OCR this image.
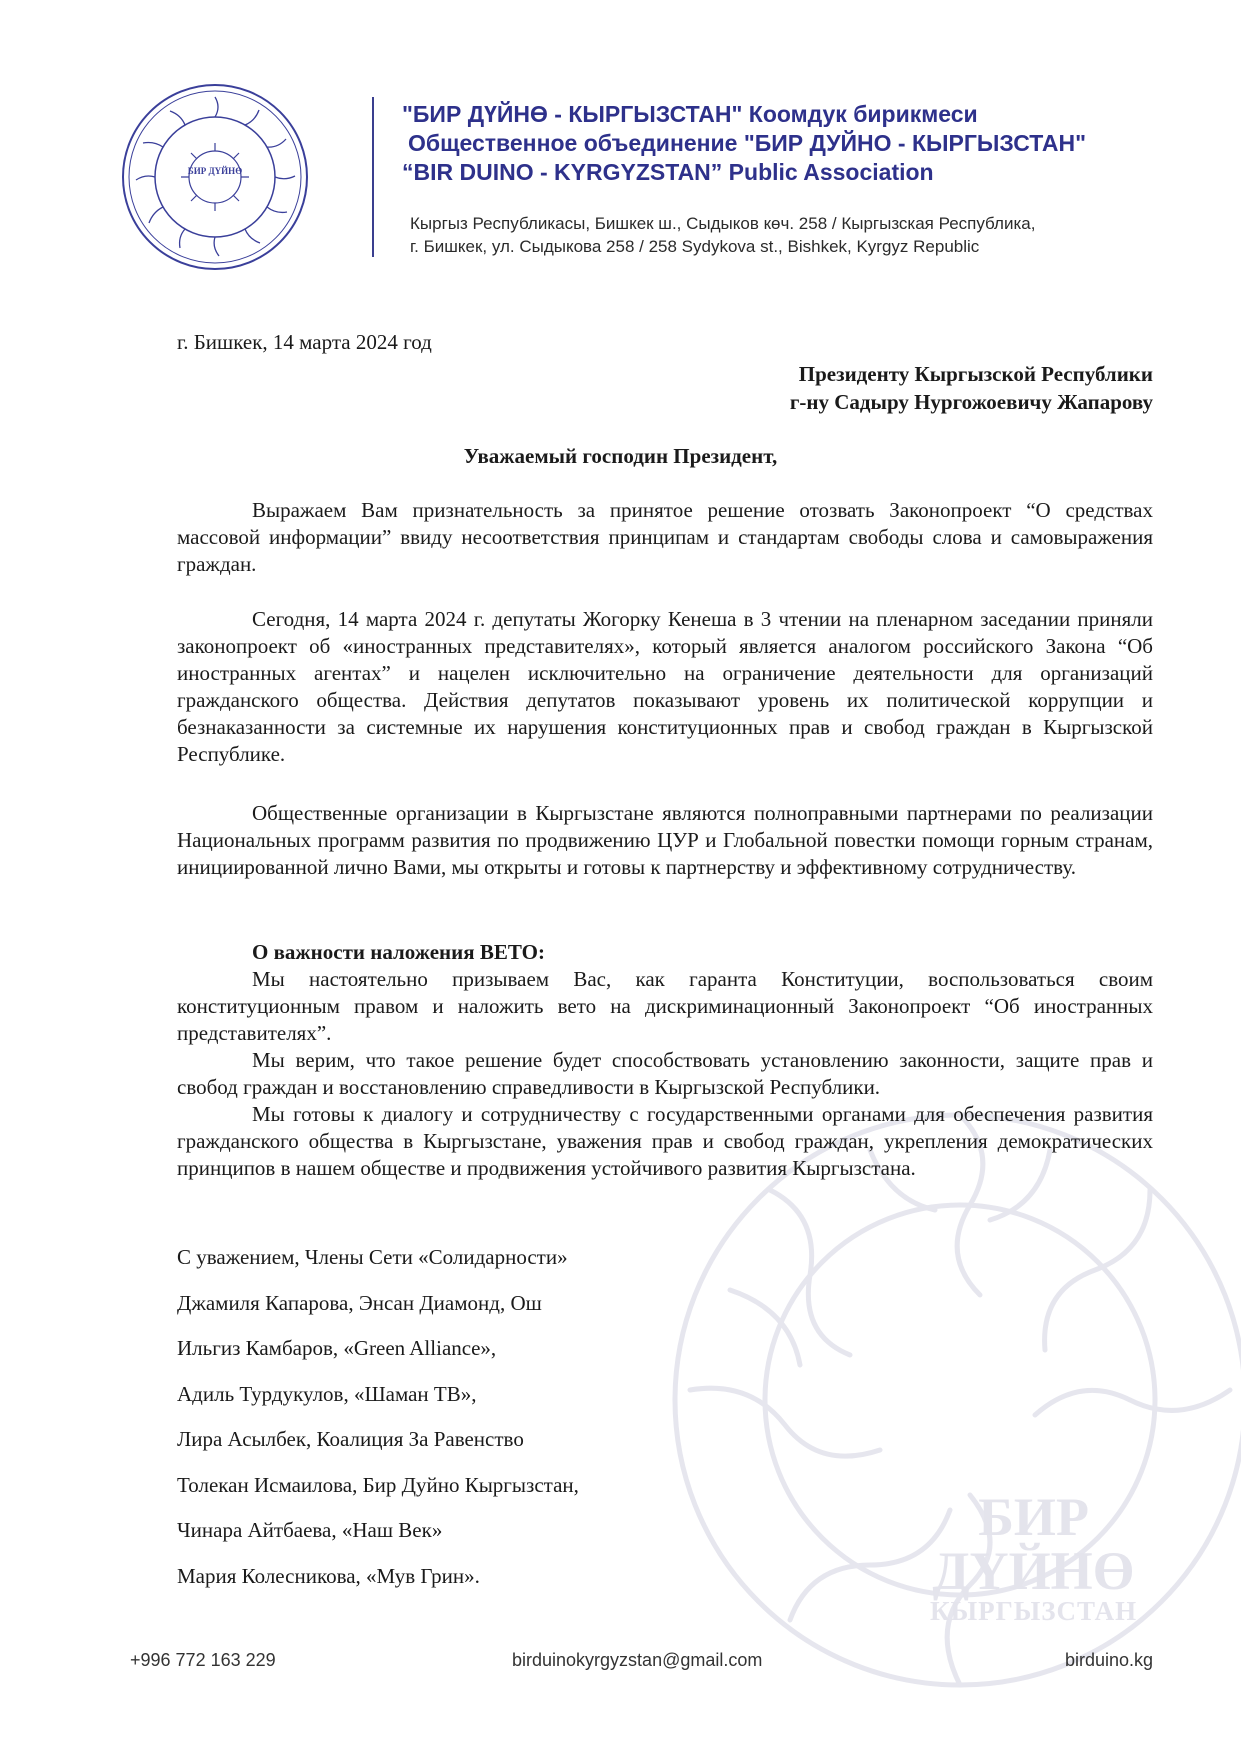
БИР ДҮЙНӨ
"БИР ДҮЙНӨ - КЫРГЫЗСТАН" Коомдук бирикмеси
Общественное объединение "БИР ДУЙНО - КЫРГЫЗСТАН"
“BIR DUINO - KYRGYZSTAN” Public Association
Кыргыз Республикасы, Бишкек ш., Сыдыков көч. 258 / Кыргызская Республика,
г. Бишкек, ул. Сыдыкова 258 / 258 Sydykova st., Bishkek, Kyrgyz Republic
БИР
ДҮЙНӨ
КЫРГЫЗСТАН
г. Бишкек, 14 марта 2024 год
Президенту Кыргызской Республики
г-ну Садыру Нургожоевичу Жапарову
Уважаемый господин Президент,

Выражаем Вам признательность за принятое решение отозвать Законопроект “О средствах массовой информации” ввиду несоответствия принципам и стандартам свободы слова и самовыражения граждан.

Сегодня, 14 марта 2024 г. депутаты Жогорку Кенеша в 3 чтении на пленарном заседании приняли законопроект об «иностранных представителях», который является аналогом российского Закона “Об иностранных агентах” и нацелен исключительно на ограничение деятельности для организаций гражданского общества. Действия депутатов показывают уровень их политической коррупции и безнаказанности за системные их нарушения конституционных прав и свобод граждан в Кыргызской Республике.

Общественные организации в Кыргызстане являются полноправными партнерами по реализации Национальных программ развития по продвижению ЦУР и Глобальной повестки помощи горным странам, инициированной лично Вами, мы открыты и готовы к партнерству и эффективному сотрудничеству.

О важности наложения ВЕТО:

Мы настоятельно призываем Вас, как гаранта Конституции, воспользоваться своим конституционным правом и наложить вето на дискриминационный Законопроект “Об иностранных представителях”.

Мы верим, что такое решение будет способствовать установлению законности, защите прав и свобод граждан и восстановлению справедливости в Кыргызской Республики.

Мы готовы к диалогу и сотрудничеству с государственными органами для обеспечения развития гражданского общества в Кыргызстане, уважения прав и свобод граждан, укрепления демократических принципов в нашем обществе и продвижения устойчивого развития Кыргызстана.

С уважением, Члены Сети «Солидарности»
Джамиля Капарова, Энсан Диамонд, Ош
Ильгиз Камбаров, «Green Alliance»,
Адиль Турдукулов, «Шаман ТВ»,
Лира Асылбек, Коалиция За Равенство
Толекан Исмаилова, Бир Дуйно Кыргызстан,
Чинара Айтбаева, «Наш Век»
Мария Колесникова, «Мув Грин».
+996 772 163 229	birduinokyrgyzstan@gmail.com	birduino.kg
